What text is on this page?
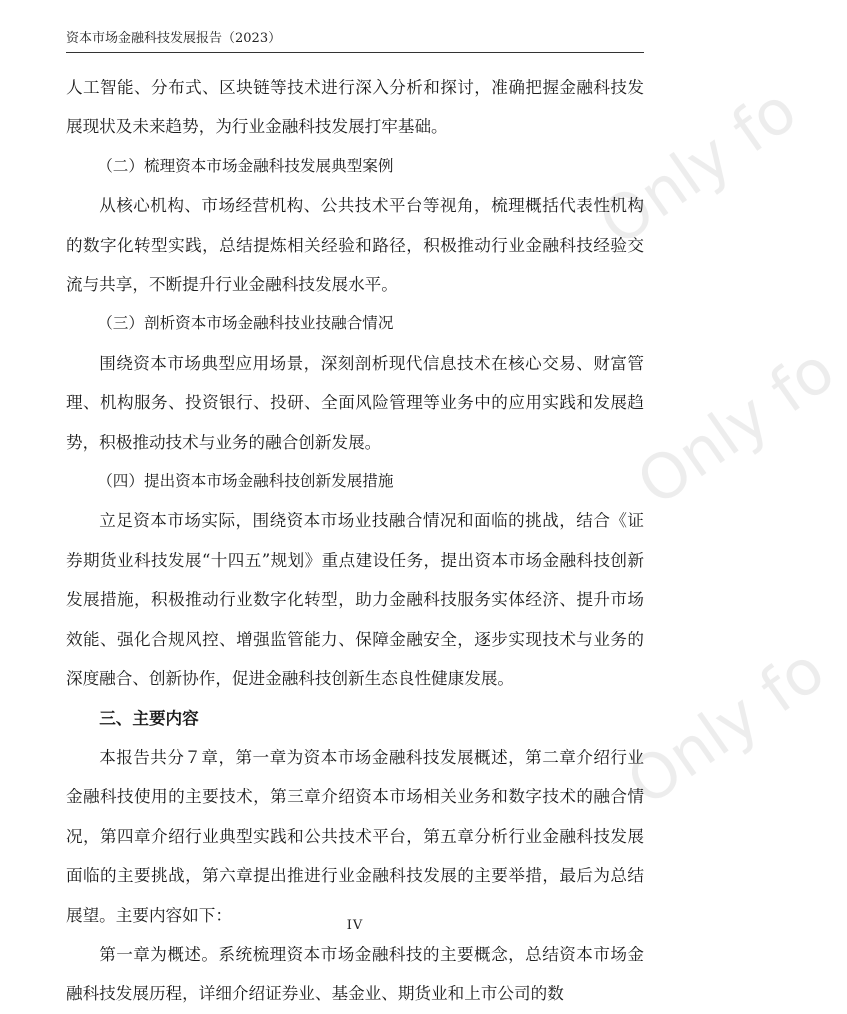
资本市场金融科技发展报告（2023）

人工智能、分布式、区块链等技术进行深入分析和探讨，准确把握金融科技发展现状及未来趋势，为行业金融科技发展打牢基础。

（二）梳理资本市场金融科技发展典型案例

从核心机构、市场经营机构、公共技术平台等视角，梳理概括代表性机构的数字化转型实践，总结提炼相关经验和路径，积极推动行业金融科技经验交流与共享，不断提升行业金融科技发展水平。

（三）剖析资本市场金融科技业技融合情况

围绕资本市场典型应用场景，深刻剖析现代信息技术在核心交易、财富管理、机构服务、投资银行、投研、全面风险管理等业务中的应用实践和发展趋势，积极推动技术与业务的融合创新发展。

（四）提出资本市场金融科技创新发展措施

立足资本市场实际，围绕资本市场业技融合情况和面临的挑战，结合《证券期货业科技发展“十四五”规划》重点建设任务，提出资本市场金融科技创新发展措施，积极推动行业数字化转型，助力金融科技服务实体经济、提升市场效能、强化合规风控、增强监管能力、保障金融安全，逐步实现技术与业务的深度融合、创新协作，促进金融科技创新生态良性健康发展。

三、主要内容

本报告共分７章，第一章为资本市场金融科技发展概述，第二章介绍行业金融科技使用的主要技术，第三章介绍资本市场相关业务和数字技术的融合情况，第四章介绍行业典型实践和公共技术平台，第五章分析行业金融科技发展面临的主要挑战，第六章提出推进行业金融科技发展的主要举措，最后为总结展望。主要内容如下：

第一章为概述。系统梳理资本市场金融科技的主要概念，总结资本市场金融科技发展历程，详细介绍证券业、基金业、期货业和上市公司的数

IV
Only fo
Only fo
Only fo
